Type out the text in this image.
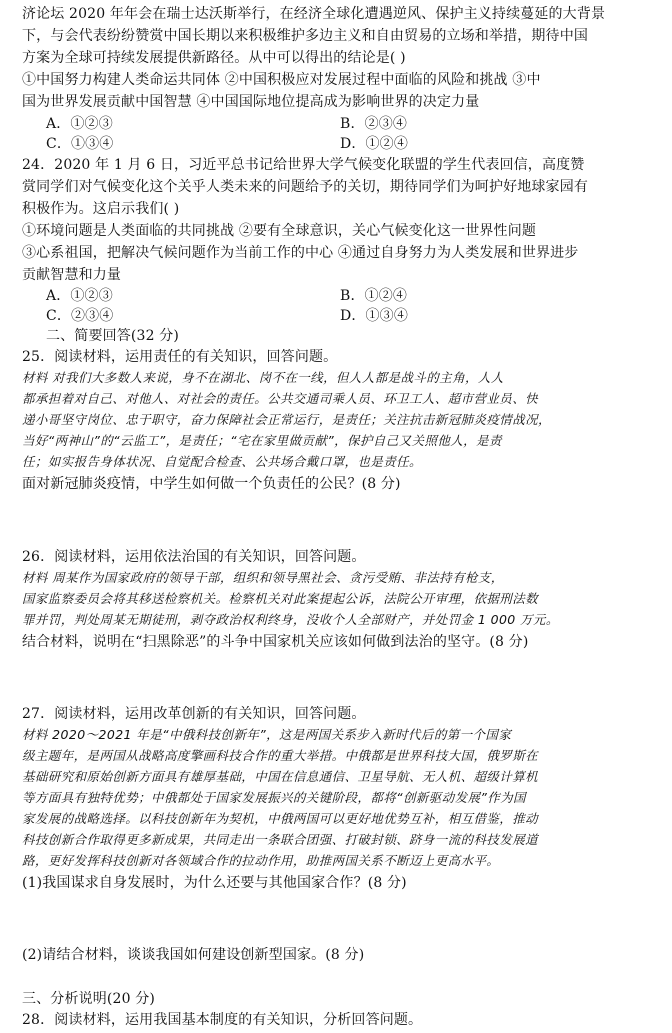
济论坛 2020 年年会在瑞士达沃斯举行，在经济全球化遭遇逆风、保护主义持续蔓延的大背景
下，与会代表纷纷赞赏中国长期以来积极维护多边主义和自由贸易的立场和举措，期待中国
方案为全球可持续发展提供新路径。从中可以得出的结论是( )
①中国努力构建人类命运共同体 ②中国积极应对发展过程中面临的风险和挑战 ③中
国为世界发展贡献中国智慧 ④中国国际地位提高成为影响世界的决定力量
A．①②③	B．②③④
C．①③④	D．①②④
24．2020 年 1 月 6 日，习近平总书记给世界大学气候变化联盟的学生代表回信，高度赞
赏同学们对气候变化这个关乎人类未来的问题给予的关切，期待同学们为呵护好地球家园有
积极作为。这启示我们( )
①环境问题是人类面临的共同挑战 ②要有全球意识，关心气候变化这一世界性问题
③心系祖国，把解决气候问题作为当前工作的中心 ④通过自身努力为人类发展和世界进步
贡献智慧和力量
A．①②③	B．①②④
C．②③④	D．①③④
二、简要回答(32 分)
25．阅读材料，运用责任的有关知识，回答问题。
材料 对我们大多数人来说，身不在湖北、岗不在一线，但人人都是战斗的主角，人人
都承担着对自己、对他人、对社会的责任。公共交通司乘人员、环卫工人、超市营业员、快
递小哥坚守岗位、忠于职守，奋力保障社会正常运行，是责任；关注抗击新冠肺炎疫情战况，
当好“两神山”的“云监工”，是责任；“宅在家里做贡献”，保护自己又关照他人，是责
任；如实报告身体状况、自觉配合检查、公共场合戴口罩，也是责任。
面对新冠肺炎疫情，中学生如何做一个负责任的公民？(8 分)
26．阅读材料，运用依法治国的有关知识，回答问题。
材料 周某作为国家政府的领导干部，组织和领导黑社会、贪污受贿、非法持有枪支，
国家监察委员会将其移送检察机关。检察机关对此案提起公诉，法院公开审理，依据刑法数
罪并罚，判处周某无期徒刑，剥夺政治权利终身，没收个人全部财产，并处罚金 1 000 万元。
结合材料，说明在“扫黑除恶”的斗争中国家机关应该如何做到法治的坚守。(8 分)
27．阅读材料，运用改革创新的有关知识，回答问题。
材料 2020～2021 年是“中俄科技创新年”，这是两国关系步入新时代后的第一个国家
级主题年，是两国从战略高度擎画科技合作的重大举措。中俄都是世界科技大国，俄罗斯在
基础研究和原始创新方面具有雄厚基础，中国在信息通信、卫星导航、无人机、超级计算机
等方面具有独特优势；中俄都处于国家发展振兴的关键阶段，都将“创新驱动发展”作为国
家发展的战略选择。以科技创新年为契机，中俄两国可以更好地优势互补，相互借鉴，推动
科技创新合作取得更多新成果，共同走出一条联合团强、打破封锁、跻身一流的科技发展道
路，更好发挥科技创新对各领域合作的拉动作用，助推两国关系不断迈上更高水平。
(1)我国谋求自身发展时，为什么还要与其他国家合作？(8 分)
(2)请结合材料，谈谈我国如何建设创新型国家。(8 分)
三、分析说明(20 分)
28．阅读材料，运用我国基本制度的有关知识，分析回答问题。
